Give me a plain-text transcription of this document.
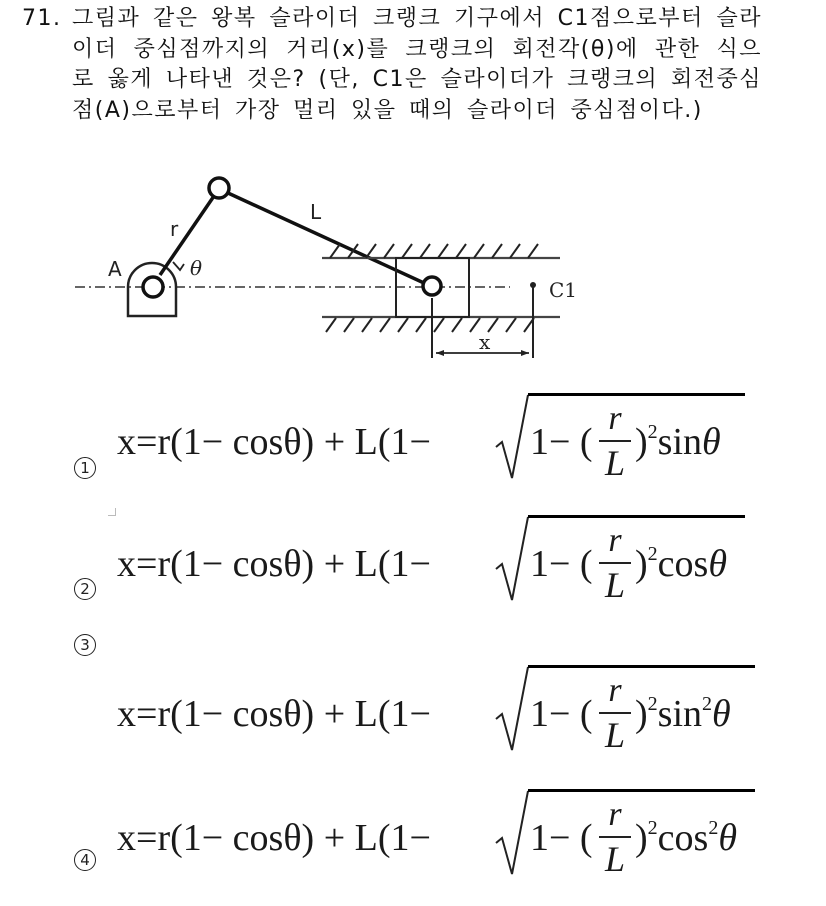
71. 그림과 같은 왕복 슬라이더 크랭크 기구에서 C1점으로부터 슬라이더 중심점까지의 거리(x)를 크랭크의 회전각(θ)에 관한 식으로 옳게 나타낸 것은? (단, C1은 슬라이더가 크랭크의 회전중심점(A)으로부터 가장 멀리 있을 때의 슬라이더 중심점이다.)
A
r
θ
L
C1
x
1
x=r(1− cosθ) + L(1−	1− (
r
L )$^2$sinθ
2
x=r(1− cosθ) + L(1−	1− (
r
L )$^2$cosθ
3
x=r(1− cosθ) + L(1−	1− (
r
L )$^2\sin^2\theta$
4
x=r(1− cosθ) + L(1−	1− (
r
L )$^2\cos^2\theta$
